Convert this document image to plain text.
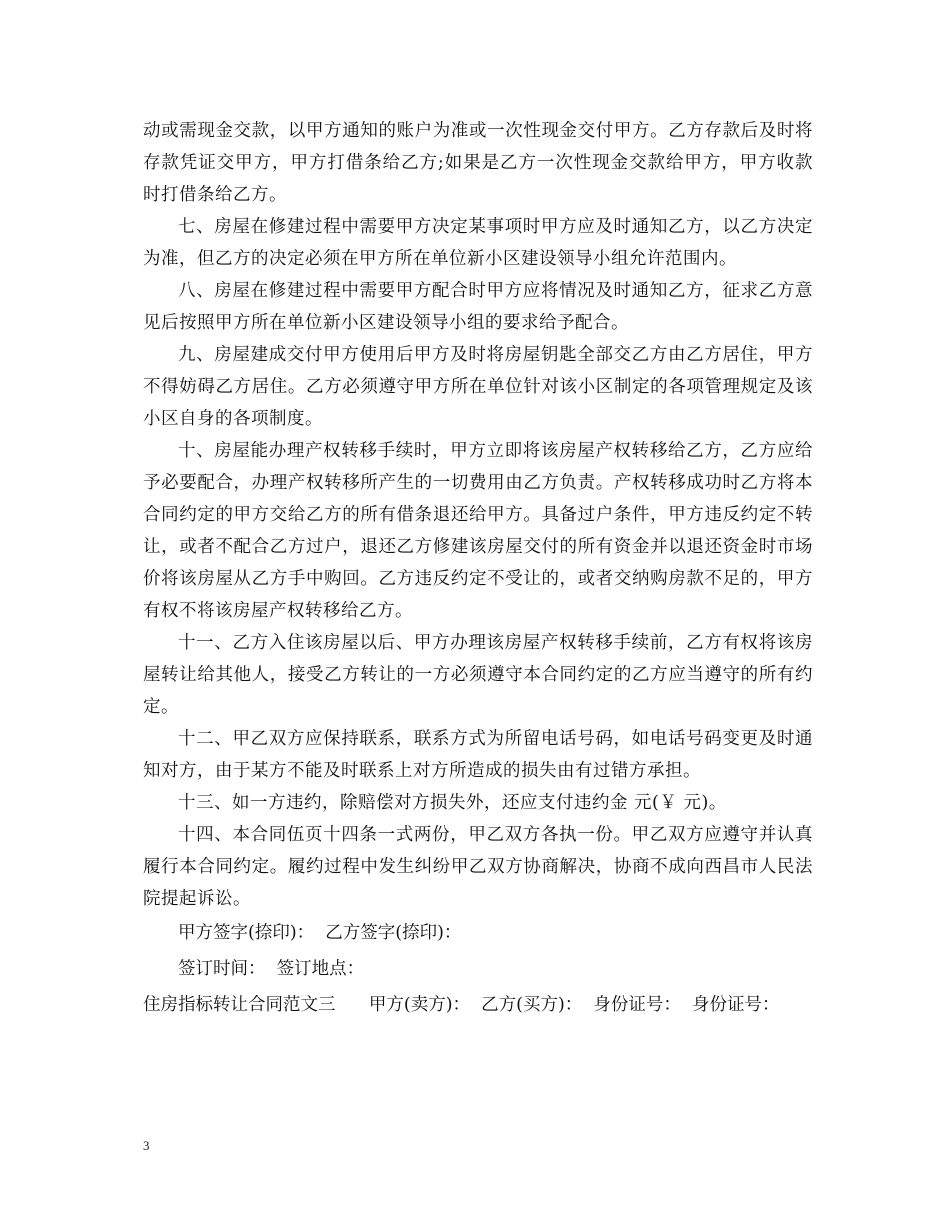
动或需现金交款，以甲方通知的账户为准或一次性现金交付甲方。乙方存款后及时将存款凭证交甲方，甲方打借条给乙方;如果是乙方一次性现金交款给甲方，甲方收款时打借条给乙方。

七、房屋在修建过程中需要甲方决定某事项时甲方应及时通知乙方，以乙方决定为准，但乙方的决定必须在甲方所在单位新小区建设领导小组允许范围内。

八、房屋在修建过程中需要甲方配合时甲方应将情况及时通知乙方，征求乙方意见后按照甲方所在单位新小区建设领导小组的要求给予配合。

九、房屋建成交付甲方使用后甲方及时将房屋钥匙全部交乙方由乙方居住，甲方不得妨碍乙方居住。乙方必须遵守甲方所在单位针对该小区制定的各项管理规定及该小区自身的各项制度。

十、房屋能办理产权转移手续时，甲方立即将该房屋产权转移给乙方，乙方应给予必要配合，办理产权转移所产生的一切费用由乙方负责。产权转移成功时乙方将本合同约定的甲方交给乙方的所有借条退还给甲方。具备过户条件，甲方违反约定不转让，或者不配合乙方过户，退还乙方修建该房屋交付的所有资金并以退还资金时市场价将该房屋从乙方手中购回。乙方违反约定不受让的，或者交纳购房款不足的，甲方有权不将该房屋产权转移给乙方。

十一、乙方入住该房屋以后、甲方办理该房屋产权转移手续前，乙方有权将该房屋转让给其他人，接受乙方转让的一方必须遵守本合同约定的乙方应当遵守的所有约定。

十二、甲乙双方应保持联系，联系方式为所留电话号码，如电话号码变更及时通知对方，由于某方不能及时联系上对方所造成的损失由有过错方承担。

十三、如一方违约，除赔偿对方损失外，还应支付违约金 元(￥ 元)。

十四、本合同伍页十四条一式两份，甲乙双方各执一份。甲乙双方应遵守并认真履行本合同约定。履约过程中发生纠纷甲乙双方协商解决，协商不成向西昌市人民法院提起诉讼。

甲方签字(捺印)：  乙方签字(捺印)：

签订时间：  签订地点：

住房指标转让合同范文三      甲方(卖方)：  乙方(买方)：  身份证号：  身份证号：

3
